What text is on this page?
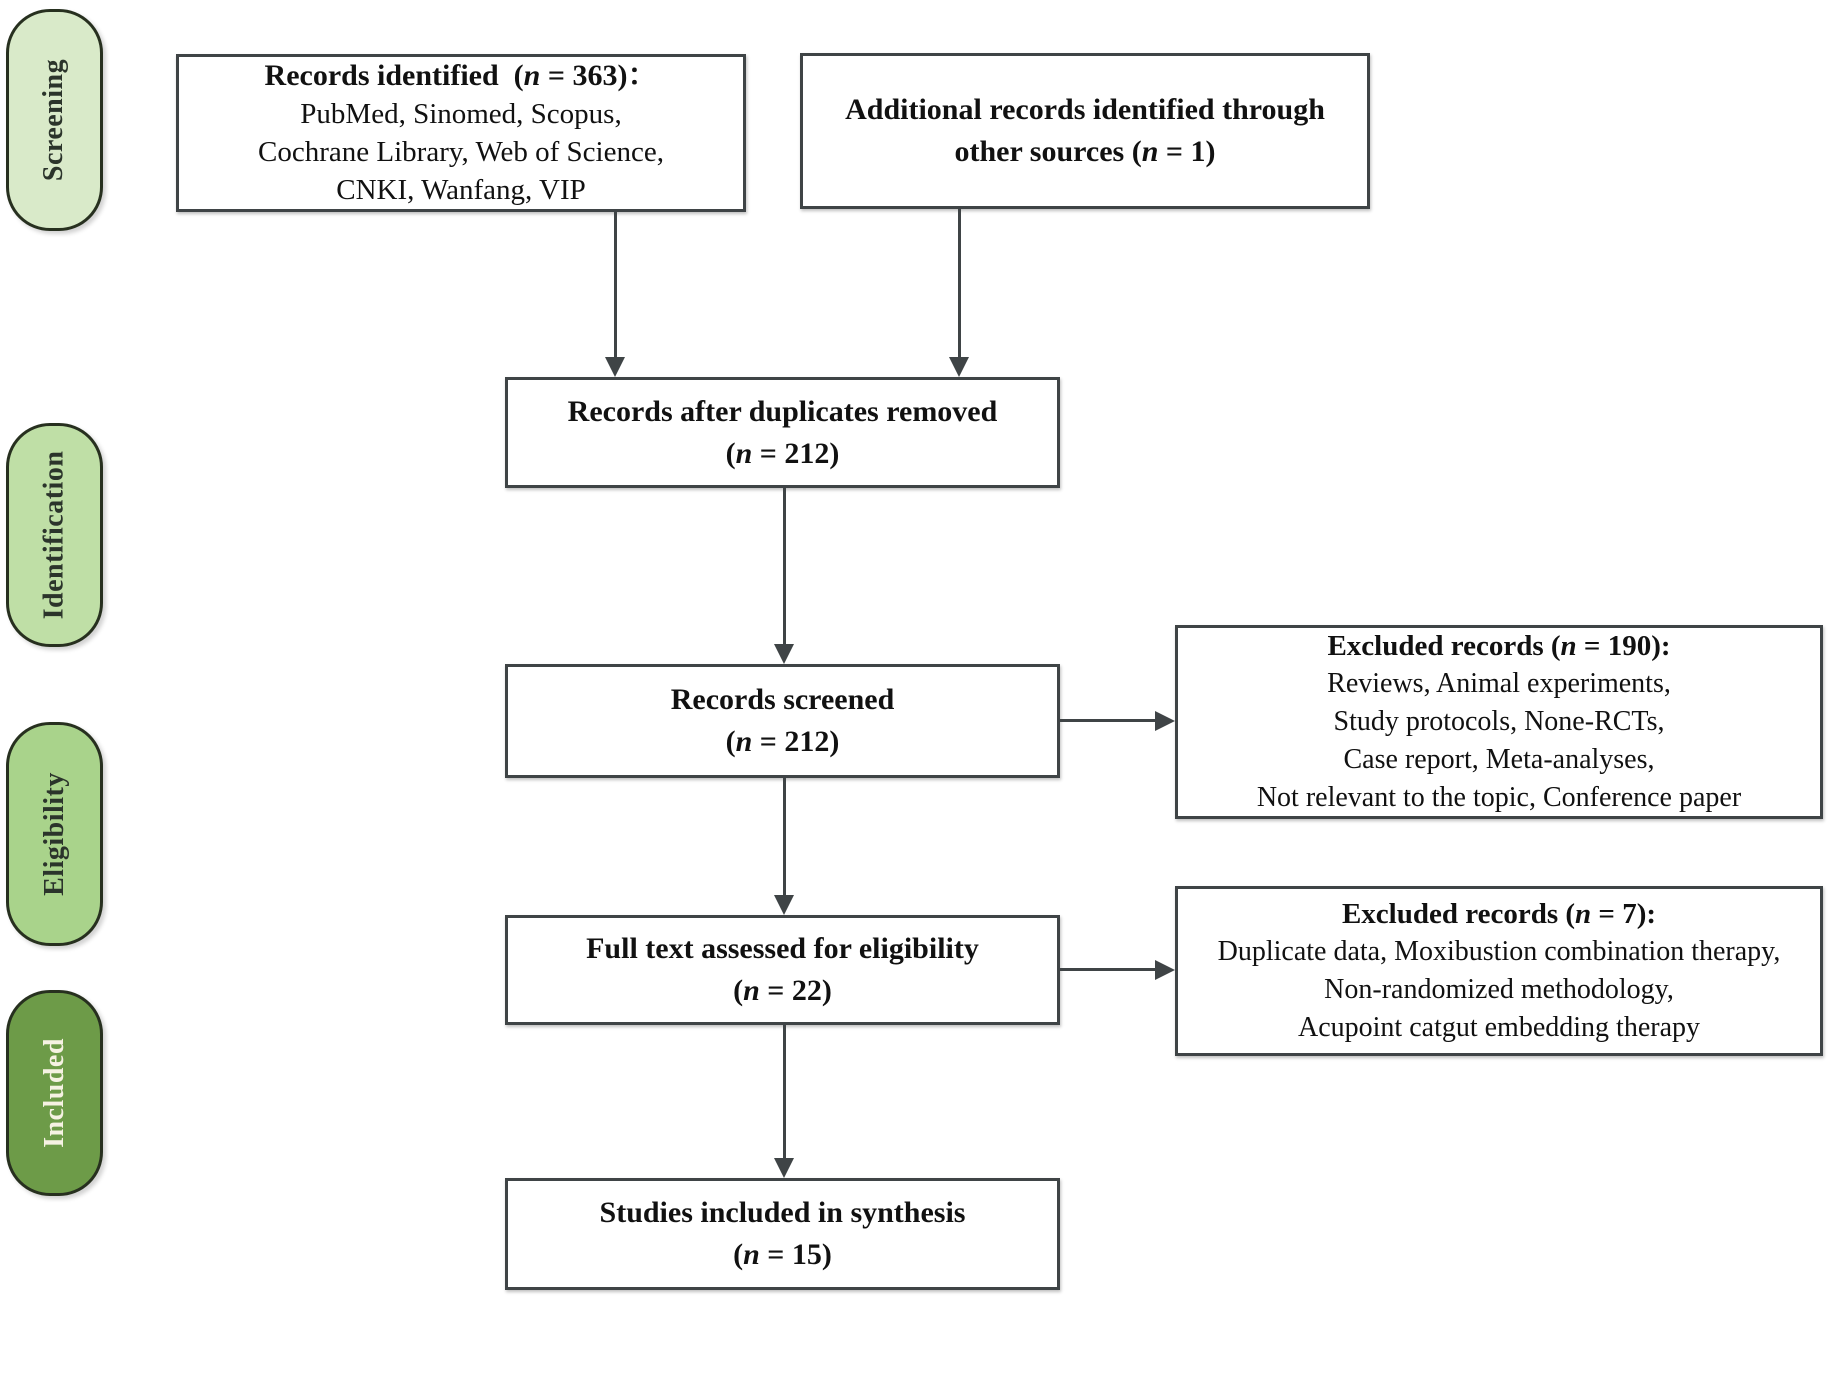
Screening
Identification
Eligibility
Included
Records identified  (n = 363)：
PubMed, Sinomed, Scopus,
Cochrane Library, Web of Science,
CNKI, Wanfang, VIP
Additional records identified through
other sources (n = 1)
Records after duplicates removed
(n = 212)
Records screened
(n = 212)
Excluded records (n = 190):
Reviews, Animal experiments,
Study protocols, None-RCTs,
Case report, Meta-analyses,
Not relevant to the topic, Conference paper
Full text assessed for eligibility
(n = 22)
Excluded records (n = 7):
Duplicate data, Moxibustion combination therapy,
Non-randomized methodology,
Acupoint catgut embedding therapy
Studies included in synthesis
(n = 15)
